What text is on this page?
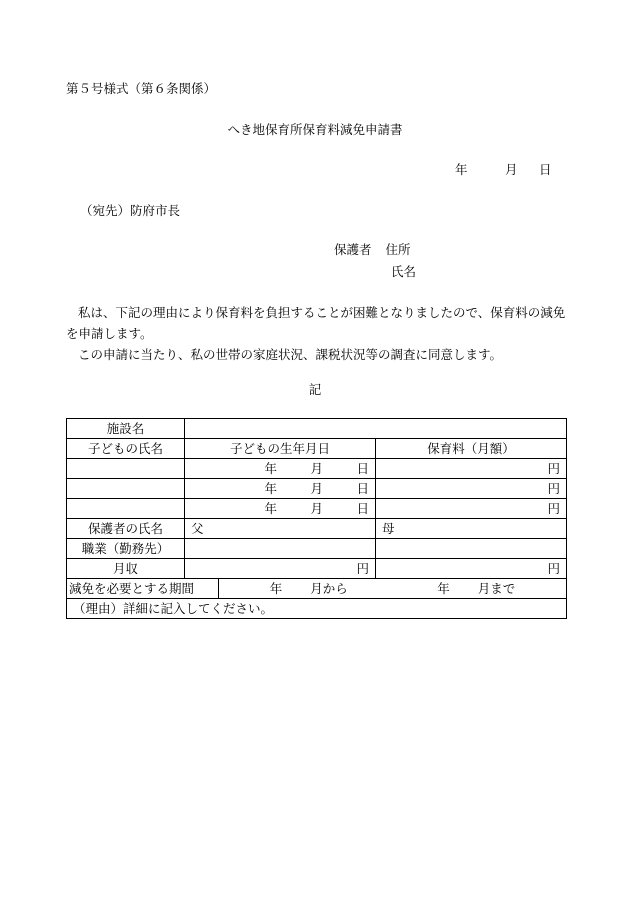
第５号様式（第６条関係）
へき地保育所保育料減免申請書
年	月 日
（宛先）防府市長
保護者 住所
氏名

私は、下記の理由により保育料を負担することが困難となりましたので、保育料の減免を申請します。

この申請に当たり、私の世帯の家庭状況、課税状況等の調査に同意します。

記
施設名			
子どもの氏名	子どもの生年月日		保育料（月額）

	年 月 日		円

	年 月 日		円

	年 月 日		円
保護者の氏名	父		母
職業（勤務先）			
月収	円		円
減免を必要とする期間		年 月から 年 月まで	

（理由）詳細に記入してください。			
